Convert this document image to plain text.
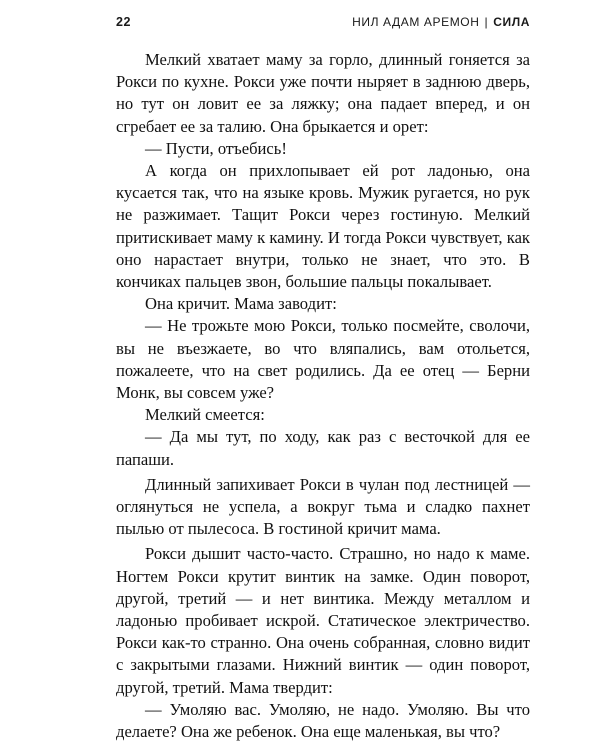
22	НИЛ АДАМ АРЕМОН | СИЛА
Мелкий хватает маму за горло, длинный гоняется за Рокси по кухне. Рокси уже почти ныряет в заднюю дверь, но тут он ловит ее за ляжку; она падает вперед, и он сгребает ее за талию. Она брыкается и орет:
— Пусти, отъебись!
А когда он прихлопывает ей рот ладонью, она кусается так, что на языке кровь. Мужик ругается, но рук не разжимает. Тащит Рокси через гостиную. Мелкий притискивает маму к камину. И тогда Рокси чувствует, как оно нарастает внутри, только не знает, что это. В кончиках пальцев звон, большие пальцы покалывает.
Она кричит. Мама заводит:
— Не трожьте мою Рокси, только посмейте, сволочи, вы не въезжаете, во что вляпались, вам отольется, пожалеете, что на свет родились. Да ее отец — Берни Монк, вы совсем уже?
Мелкий смеется:
— Да мы тут, по ходу, как раз с весточкой для ее папаши.
Длинный запихивает Рокси в чулан под лестницей — оглянуться не успела, а вокруг тьма и сладко пахнет пылью от пылесоса. В гостиной кричит мама.
Рокси дышит часто-часто. Страшно, но надо к маме. Ногтем Рокси крутит винтик на замке. Один поворот, другой, третий — и нет винтика. Между металлом и ладонью пробивает искрой. Статическое электричество. Рокси как-то странно. Она очень собранная, словно видит с закрытыми глазами. Нижний винтик — один поворот, другой, третий. Мама твердит:
— Умоляю вас. Умоляю, не надо. Умоляю. Вы что делаете? Она же ребенок. Она еще маленькая, вы что?
